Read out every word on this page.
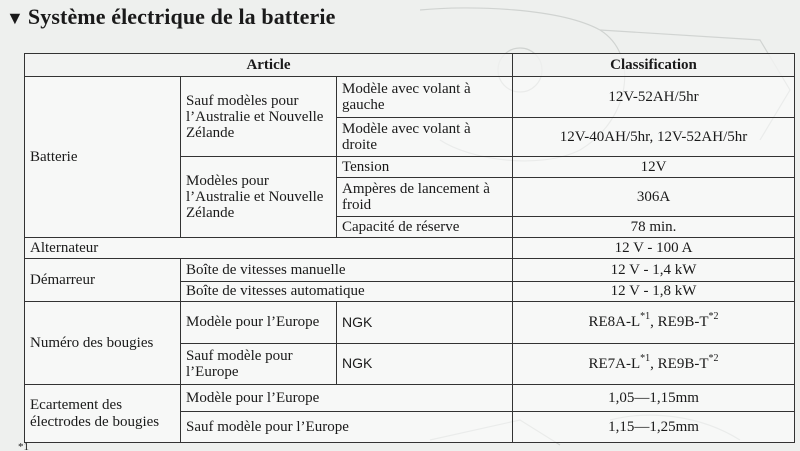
▼ Système électrique de la batterie
Article			Classification
Batterie	Sauf modèles pour l’Australie et Nouvelle Zélande	Modèle avec volant à gauche	12V-52AH/5hr
		Modèle avec volant à droite	12V-40AH/5hr, 12V-52AH/5hr
	Modèles pour l’Australie et Nouvelle Zélande	Tension	12V
		Ampères de lancement à froid	306A
		Capacité de réserve	78 min.
Alternateur			12 V - 100 A
Démarreur	Boîte de vitesses manuelle		12 V - 1,4 kW
	Boîte de vitesses automatique		12 V - 1,8 kW
Numéro des bougies	Modèle pour l’Europe	NGK	$RE8A-L^{*1}$, $RE9B-T^{*2}$
	Sauf modèle pour l’Europe	NGK	$RE7A-L^{*1}$, $RE9B-T^{*2}$
Ecartement des électrodes de bougies	Modèle pour l’Europe		1,05—1,15mm
	Sauf modèle pour l’Europe		1,15—1,25mm
*1
